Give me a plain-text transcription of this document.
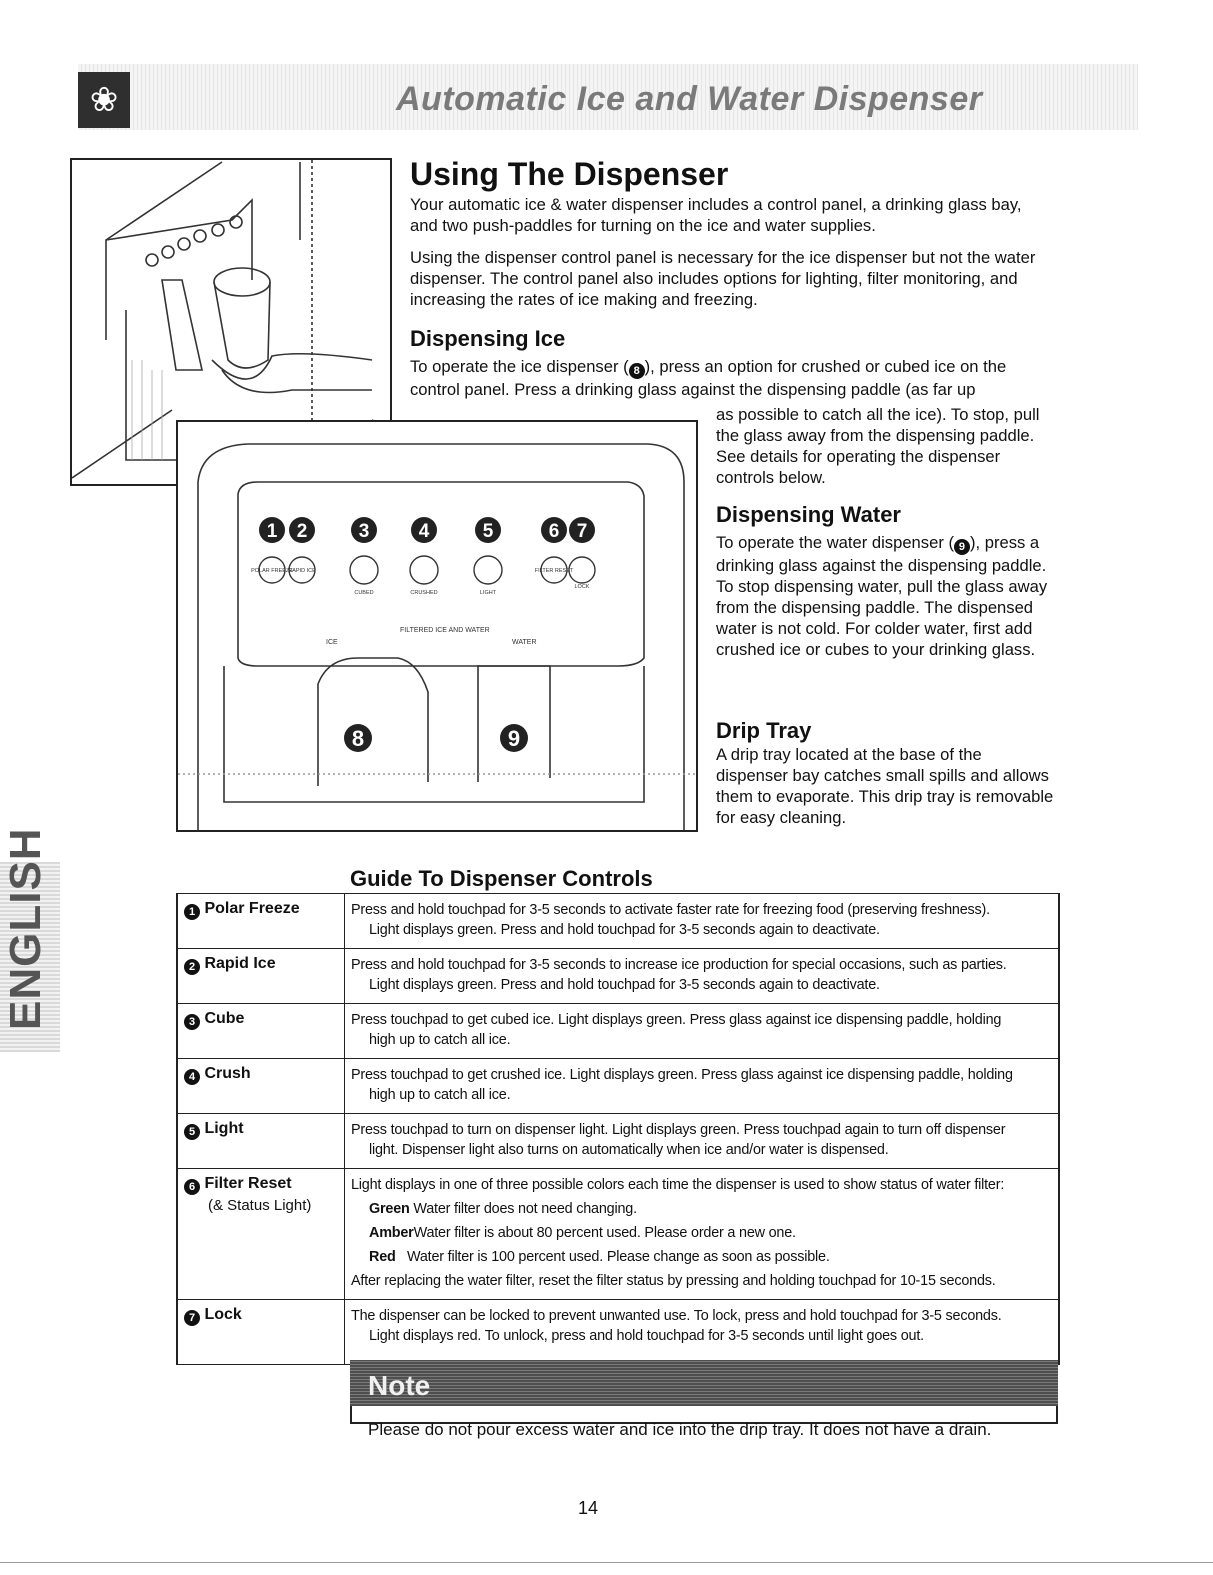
❀	Automatic Ice and Water Dispenser
ENGLISH
1 2	3	4	5	6 7
POLAR FREEZE
RAPID ICE
CUBED	CRUSHED	LIGHT
FILTER RESET
LOCK
FILTERED ICE AND WATER
ICE	WATER
8	9
Using The Dispenser

Your automatic ice & water dispenser includes a control panel, a drinking glass bay, and two push-paddles for turning on the ice and water supplies.

Using the dispenser control panel is necessary for the ice dispenser but not the water dispenser. The control panel also includes options for lighting, filter monitoring, and increasing the rates of ice making and freezing.

Dispensing Ice

To operate the ice dispenser ( 8 ), press an option for crushed or cubed ice on the control panel. Press a drinking glass against the dispensing paddle (as far up

as possible to catch all the ice). To stop, pull the glass away from the dispensing paddle. See details for operating the dispenser controls below.

Dispensing Water

To operate the water dispenser ( 9 ), press a drinking glass against the dispensing paddle. To stop dispensing water, pull the glass away from the dispensing paddle. The dispensed water is not cold. For colder water, first add crushed ice or cubes to your drinking glass.

Drip Tray

A drip tray located at the base of the dispenser bay catches small spills and allows them to evaporate. This drip tray is removable for easy cleaning.

Guide To Dispenser Controls
1 Polar Freeze	Press and hold touchpad for 3-5 seconds to activate faster rate for freezing food (preserving freshness).
Light displays green. Press and hold touchpad for 3-5 seconds again to deactivate.

2 Rapid Ice	Press and hold touchpad for 3-5 seconds to increase ice production for special occasions, such as parties.
Light displays green. Press and hold touchpad for 3-5 seconds again to deactivate.

3 Cube	Press touchpad to get cubed ice. Light displays green. Press glass against ice dispensing paddle, holding
high up to catch all ice.

4 Crush	Press touchpad to get crushed ice. Light displays green. Press glass against ice dispensing paddle, holding
high up to catch all ice.

5 Light	Press touchpad to turn on dispenser light. Light displays green. Press touchpad again to turn off dispenser
light. Dispenser light also turns on automatically when ice and/or water is dispensed.

6 Filter Reset
(& Status Light)	Light displays in one of three possible colors each time the dispenser is used to show status of water filter:
Green Water filter does not need changing.
AmberWater filter is about 80 percent used. Please order a new one.
Red Water filter is 100 percent used. Please change as soon as possible.
After replacing the water filter, reset the filter status by pressing and holding touchpad for 10-15 seconds.

7 Lock	The dispenser can be locked to prevent unwanted use. To lock, press and hold touchpad for 3-5 seconds.
Light displays red. To unlock, press and hold touchpad for 3-5 seconds until light goes out.
Note
Please do not pour excess water and ice into the drip tray. It does not have a drain.
14
